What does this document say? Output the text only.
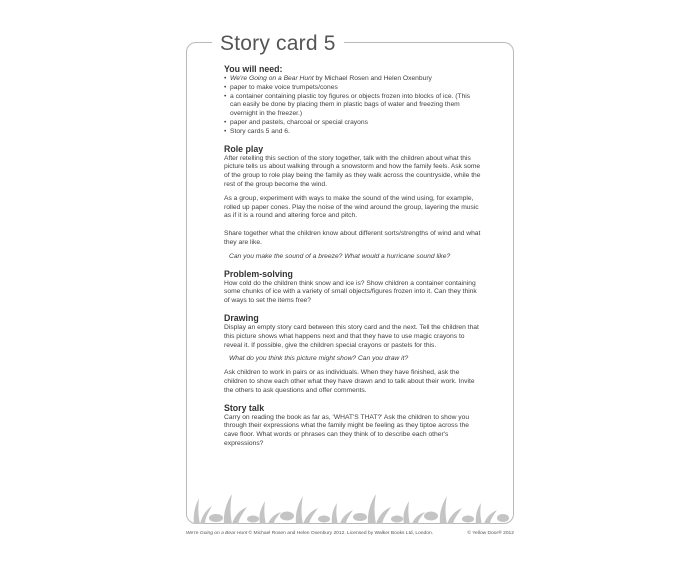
Story card 5
You will need:
• We're Going on a Bear Hunt by Michael Rosen and Helen Oxenbury
• paper to make voice trumpets/cones
• a container containing plastic toy figures or objects frozen into blocks of ice. (This can easily be done by placing them in plastic bags of water and freezing them overnight in the freezer.)
• paper and pastels, charcoal or special crayons
• Story cards 5 and 6.
Role play

After retelling this section of the story together, talk with the children about what this picture tells us about walking through a snowstorm and how the family feels. Ask some of the group to role play being the family as they walk across the countryside, while the rest of the group become the wind.

As a group, experiment with ways to make the sound of the wind using, for example, rolled up paper cones. Play the noise of the wind around the group, layering the music as if it is a round and altering force and pitch.

Share together what the children know about different sorts/strengths of wind and what they are like.

Can you make the sound of a breeze? What would a hurricane sound like?

Problem-solving

How cold do the children think snow and ice is? Show children a container containing some chunks of ice with a variety of small objects/figures frozen into it. Can they think of ways to set the items free?

Drawing

Display an empty story card between this story card and the next. Tell the children that this picture shows what happens next and that they have to use magic crayons to reveal it. If possible, give the children special crayons or pastels for this.

What do you think this picture might show? Can you draw it?

Ask children to work in pairs or as individuals. When they have finished, ask the children to show each other what they have drawn and to talk about their work. Invite the others to ask questions and offer comments.

Story talk

Carry on reading the book as far as, 'WHAT'S THAT?' Ask the children to show you through their expressions what the family might be feeling as they tiptoe across the cave floor. What words or phrases can they think of to describe each other's expressions?

We're Going on a Bear Hunt © Michael Rosen and Helen Oxenbury 2012. Licensed by Walker Books Ltd, London.	© Yellow Door® 2012
